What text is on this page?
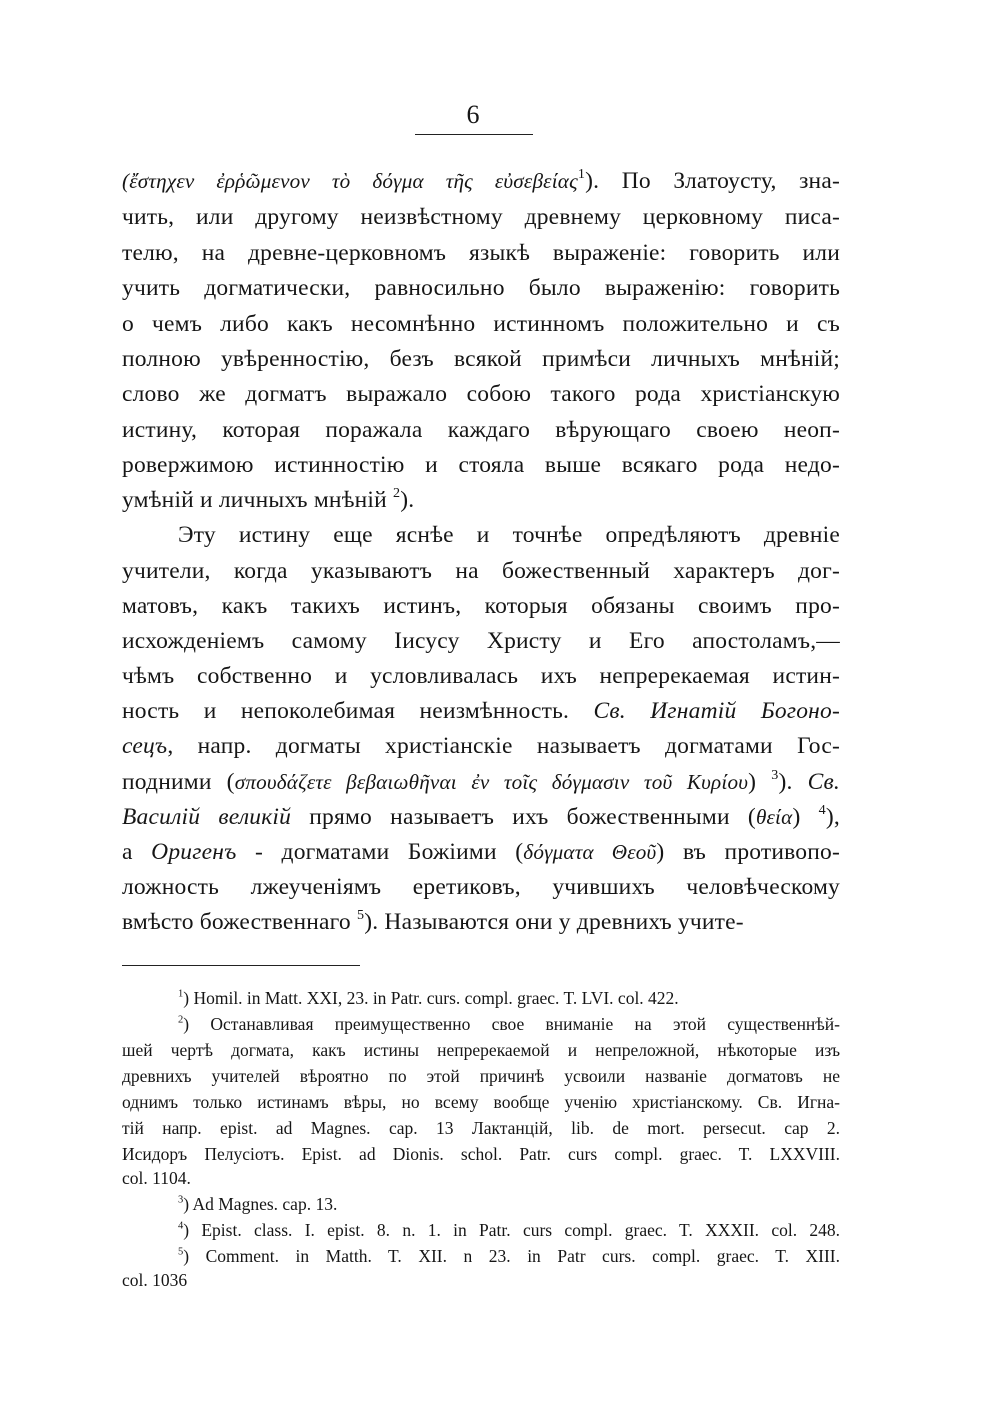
6
(ἔστηχεν ἐρῥῶμενον τὸ δόγμα τῆς εὐσεβείας$^1$). По Златоусту, зна-
чить, или другому неизвѣстному древнему церковному писа-
телю, на древне-церковномъ языкѣ выраженіе: говорить или
учить догматически, равносильно было выраженію: говорить
о чемъ либо какъ несомнѣнно истинномъ положительно и съ
полною увѣренностію, безъ всякой примѣси личныхъ мнѣній;
слово же догматъ выражало собою такого рода христіанскую
истину, которая поражала каждаго вѣрующаго своею неоп-
ровержимою истинностію и стояла выше всякаго рода недо-
умѣній и личныхъ мнѣній $^2$).
Эту истину еще яснѣе и точнѣе опредѣляютъ древніе
учители, когда указываютъ на божественный характеръ дог-
матовъ, какъ такихъ истинъ, которыя обязаны своимъ про-
исхожденіемъ самому Іисусу Христу и Его апостоламъ,—
чѣмъ собственно и условливалась ихъ непререкаемая истин-
ность и непоколебимая неизмѣнность. Св. Игнатій Богоно-
сецъ, напр. догматы христіанскіе называетъ догматами Гос-
подними (σπουδάζετε βεβαιωθῆναι ἐν τοῖς δόγμασιν τοῦ Κυρίου) $^3$). Св.
Василій великій прямо называетъ ихъ божественными (θεία) $^4$),
а Оригенъ - догматами Божіими (δόγματα Θεοῦ) въ противопо-
ложность лжеученіямъ еретиковъ, учившихъ человѣческому
вмѣсто божественнаго $^5$). Называются они у древнихъ учите-
$^1$) Homil. in Matt. XXI, 23. in Patr. curs. compl. graec. T. LVI. col. 422.
$^2$) Останавливая преимущественно свое вниманіе на этой существеннѣй-
шей чертѣ догмата, какъ истины непререкаемой и непреложной, нѣкоторые изъ
древнихъ учителей вѣроятно по этой причинѣ усвоили названіе догматовъ не
однимъ только истинамъ вѣры, но всему вообще ученію христіанскому. Св. Игна-
тій напр. epist. ad Magnes. cap. 13 Лактанцій, lib. de mort. persecut. cap 2.
Исидоръ Пелусіотъ. Epist. ad Dionis. schol. Patr. curs compl. graec. T. LXXVIII.
col. 1104.
$^3$) Ad Magnes. cap. 13.
$^4$) Epist. class. I. epist. 8. n. 1. in Patr. curs compl. graec. T. XXXII. col. 248.
$^5$) Comment. in Matth. T. XII. n 23. in Patr curs. compl. graec. T. XIII.
col. 1036
